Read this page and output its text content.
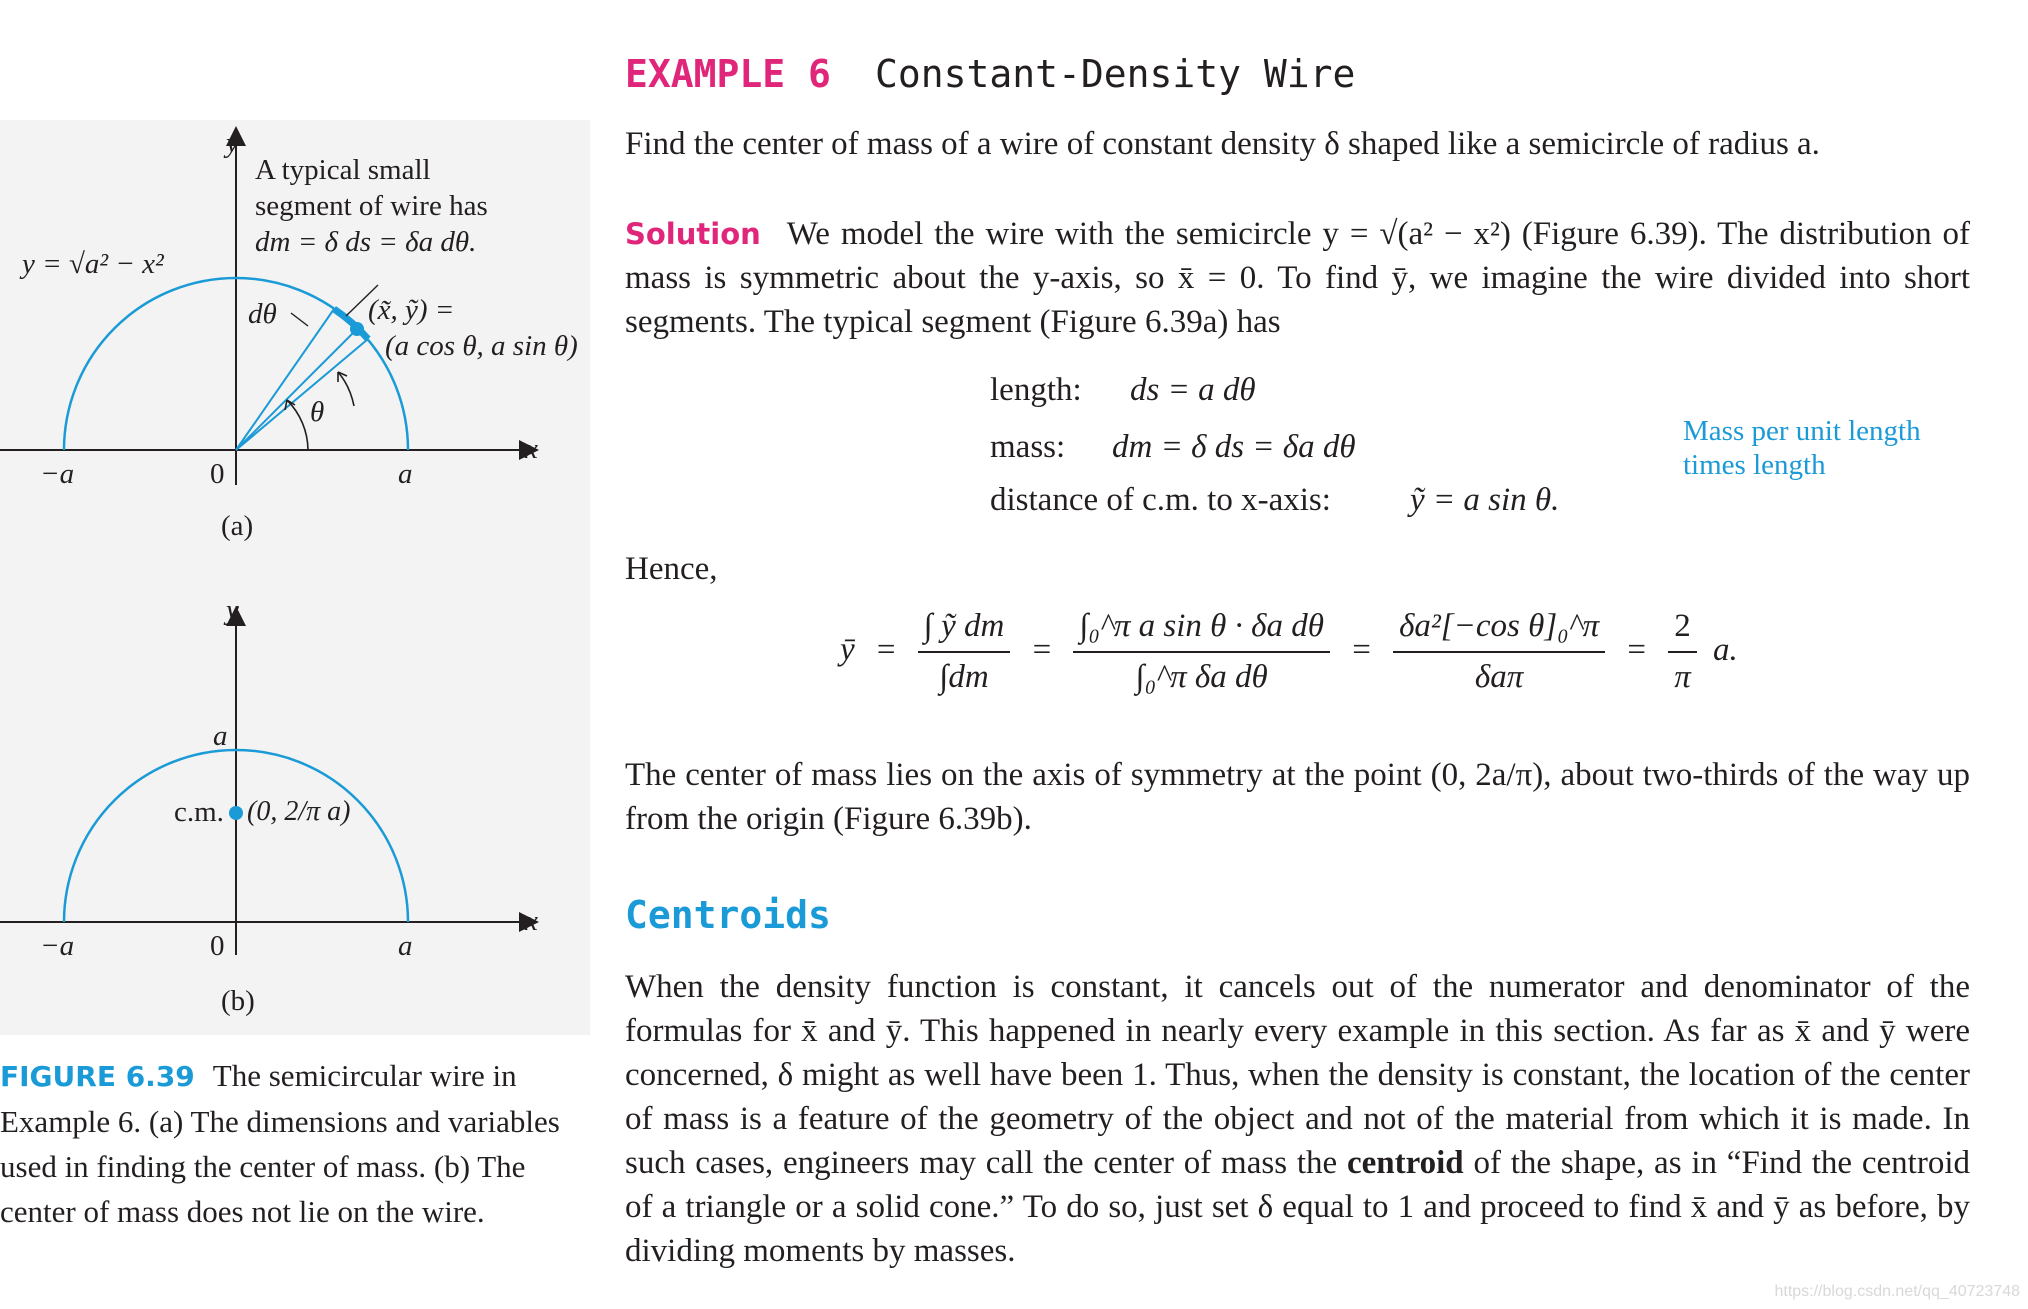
y
x
A typical small
segment of wire has
dm = δ ds = δa dθ.
y = √a² − x²
dθ	(x̃, ỹ) =
(a cos θ, a sin θ)
θ
−a	0	a
(a)
y
x
a
c.m. (0, 2/π a)
−a	0	a
(b)
FIGURE 6.39 The semicircular wire in Example 6. (a) The dimensions and variables used in finding the center of mass. (b) The center of mass does not lie on the wire.
EXAMPLE 6 Constant-Density Wire
Find the center of mass of a wire of constant density δ shaped like a semicircle of radius a.
Solution We model the wire with the semicircle y = √(a² − x²) (Figure 6.39). The distribution of mass is symmetric about the y-axis, so x̄ = 0. To find ȳ, we imagine the wire divided into short segments. The typical segment (Figure 6.39a) has
length: ds = a dθ
mass: dm = δ ds = δa dθ
distance of c.m. to x-axis: ỹ = a sin θ.
Mass per unit length
times length
Hence,
ȳ = $\frac{\text{∫ ỹ dm}}{\int dm} = \frac{\text{∫₀\textasciicircum{}π a sin θ · δa dθ}}{\text{∫₀\textasciicircum{}π δa dθ}} = \frac{\text{δa²[−cos θ]₀\textasciicircum{}π}}{\text{δaπ}} = \frac{2}{\pi} a$.
The center of mass lies on the axis of symmetry at the point (0, 2a/π), about two-thirds of the way up from the origin (Figure 6.39b).
Centroids
When the density function is constant, it cancels out of the numerator and denominator of the formulas for x̄ and ȳ. This happened in nearly every example in this section. As far as x̄ and ȳ were concerned, δ might as well have been 1. Thus, when the density is constant, the location of the center of mass is a feature of the geometry of the object and not of the material from which it is made. In such cases, engineers may call the center of mass the centroid of the shape, as in “Find the centroid of a triangle or a solid cone.” To do so, just set δ equal to 1 and proceed to find x̄ and ȳ as before, by dividing moments by masses.
https://blog.csdn.net/qq_40723748
